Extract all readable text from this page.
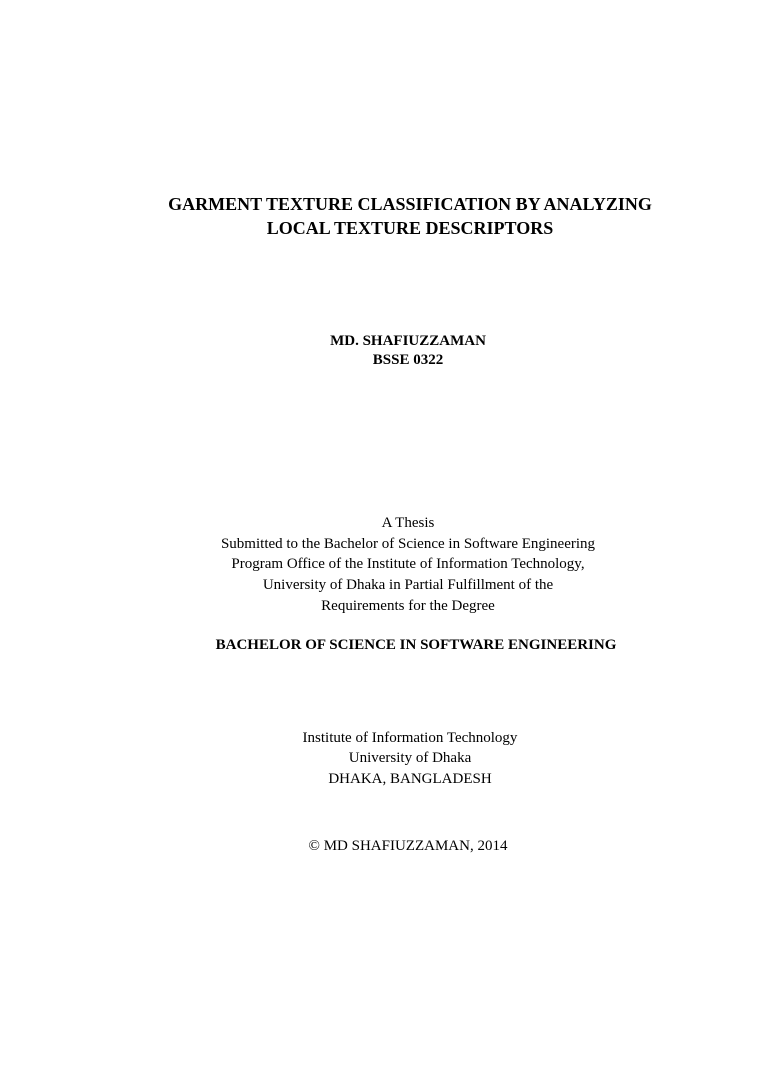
GARMENT TEXTURE CLASSIFICATION BY ANALYZING
LOCAL TEXTURE DESCRIPTORS
MD. SHAFIUZZAMAN
BSSE 0322
A Thesis
Submitted to the Bachelor of Science in Software Engineering
Program Office of the Institute of Information Technology,
University of Dhaka in Partial Fulfillment of the
Requirements for the Degree
BACHELOR OF SCIENCE IN SOFTWARE ENGINEERING
Institute of Information Technology
University of Dhaka
DHAKA, BANGLADESH
© MD SHAFIUZZAMAN, 2014
